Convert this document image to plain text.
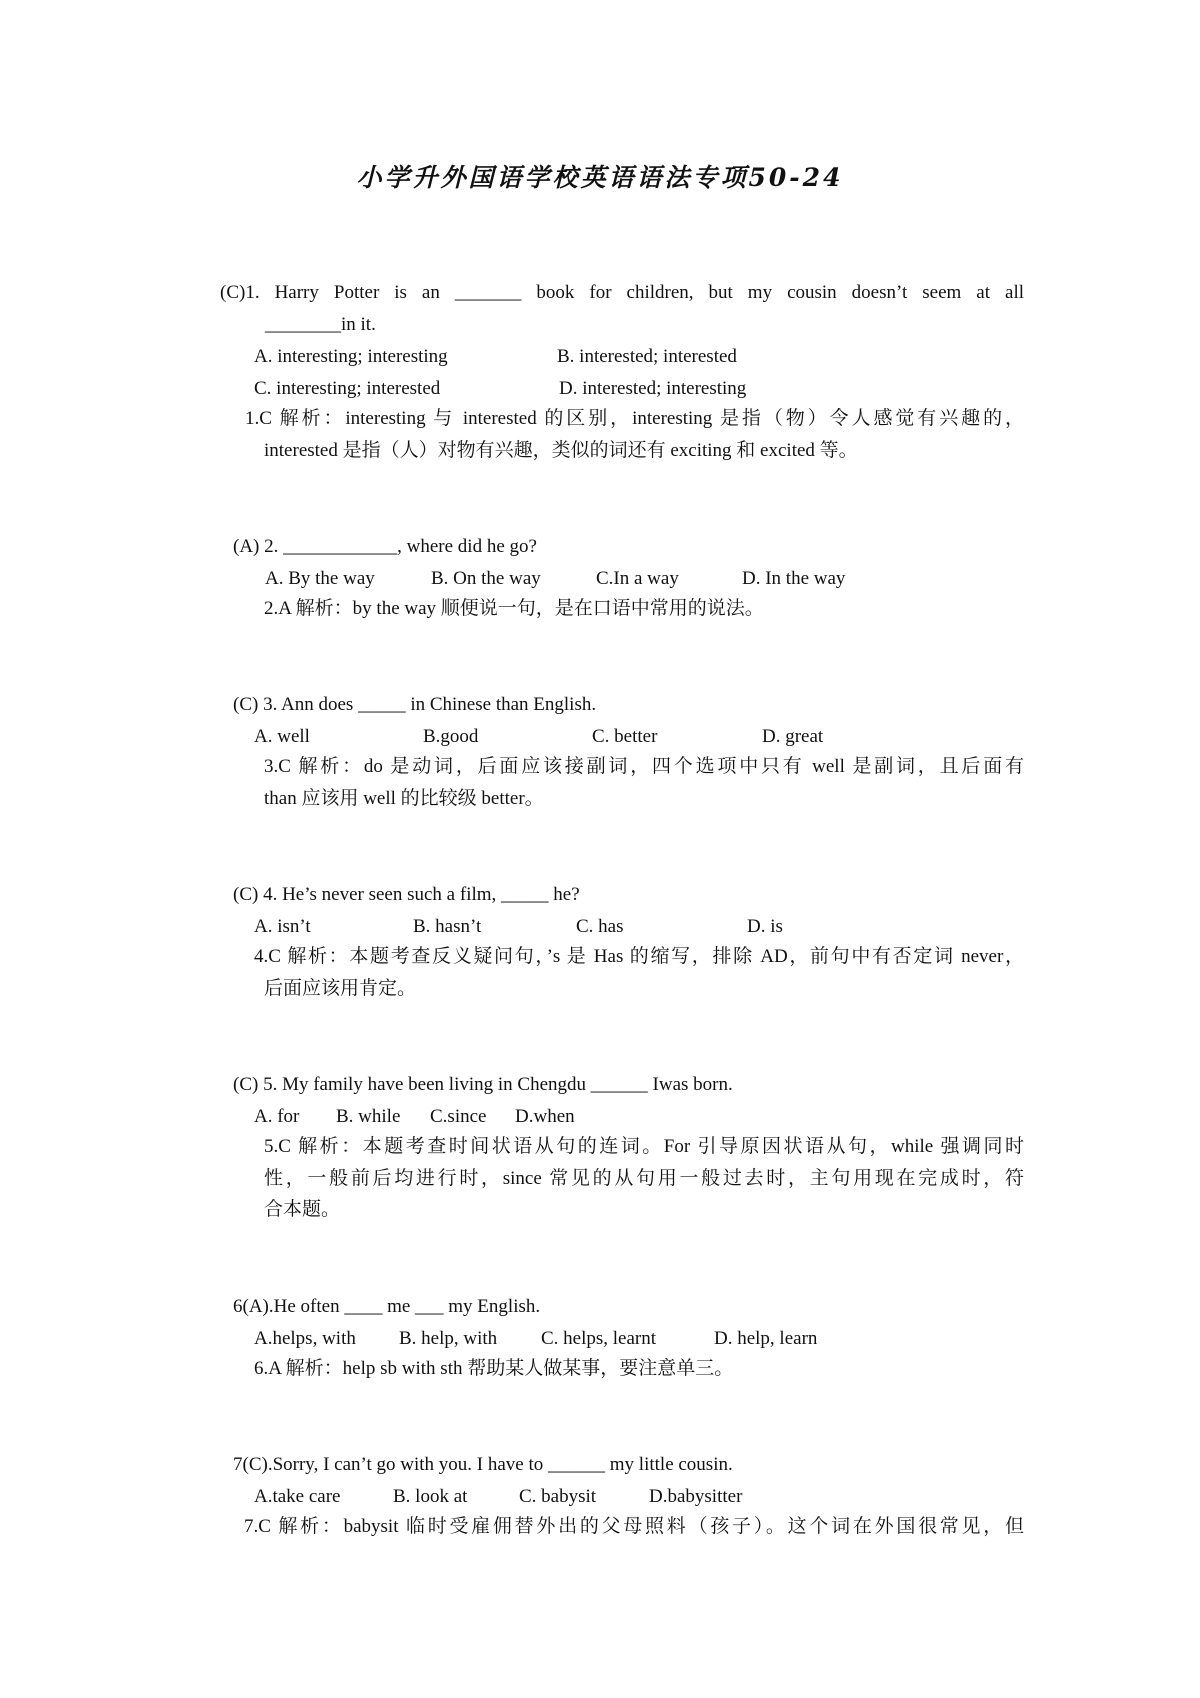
小学升外国语学校英语语法专项50-24
(C)1. Harry Potter is an _______ book for children, but my cousin doesn’t seem at all
________in it.
A. interesting; interesting	B. interested; interested
C. interesting; interested	D. interested; interesting
1.C 解析：interesting 与 interested 的区别，interesting 是指（物）令人感觉有兴趣的，
interested 是指（人）对物有兴趣，类似的词还有 exciting 和 excited 等。
(A) 2. ____________, where did he go?
A. By the way	B. On the way	C.In a way	D. In the way
2.A 解析：by the way 顺便说一句，是在口语中常用的说法。
(C) 3. Ann does _____ in Chinese than English.
A. well	B.good	C. better	D. great
3.C 解析：do 是动词，后面应该接副词，四个选项中只有 well 是副词，且后面有
than 应该用 well 的比较级 better。
(C) 4. He’s never seen such a film, _____ he?
A. isn’t	B. hasn’t	C. has	D. is
4.C 解析：本题考查反义疑问句，’s 是 Has 的缩写，排除 AD，前句中有否定词 never，
后面应该用肯定。
(C) 5. My family have been living in Chengdu ______ Iwas born.
A. for B. while C.since D.when
5.C 解析：本题考查时间状语从句的连词。For 引导原因状语从句，while 强调同时
性，一般前后均进行时，since 常见的从句用一般过去时，主句用现在完成时，符
合本题。
6(A).He often ____ me ___ my English.
A.helps, with B. help, with C. helps, learnt	D. help, learn
6.A 解析：help sb with sth 帮助某人做某事，要注意单三。
7(C).Sorry, I can’t go with you. I have to ______ my little cousin.
A.take care	B. look at	C. babysit	D.babysitter
7.C 解析：babysit 临时受雇佣替外出的父母照料（孩子）。这个词在外国很常见，但
